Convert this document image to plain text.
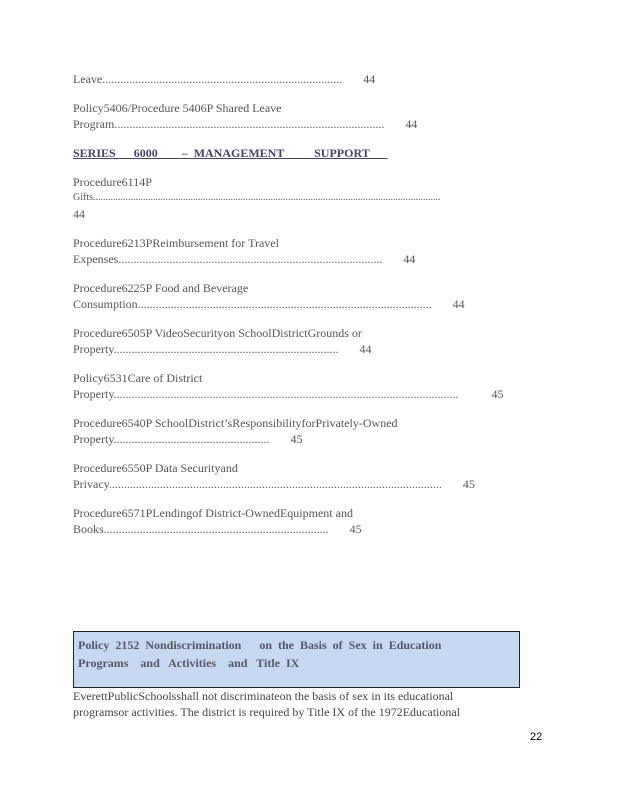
Leave................................................................................       44

Policy5406/Procedure 5406P Shared Leave
Program..........................................................................................       44

SERIES   6000    – MANAGEMENT     SUPPORT

Procedure6114P
Gifts...........................................................................................................................................
44

Procedure6213PReimbursement for Travel
Expenses........................................................................................       44

Procedure6225P Food and Beverage
Consumption..................................................................................................       44

Procedure6505P VideoSecurityon SchoolDistrictGrounds or
Property...........................................................................       44

Policy6531Care of District
Property...................................................................................................................           45

Procedure6540P SchoolDistrict’sResponsibilityforPrivately-Owned
Property....................................................       45

Procedure6550P Data Securityand
Privacy...............................................................................................................       45

Procedure6571PLendingof District-OwnedEquipment and
Books...........................................................................       45

Policy  2152  Nondiscrimination      on  the  Basis  of  Sex  in  Education
Programs    and   Activities    and   Title  IX
EverettPublicSchoolsshall not discriminateon the basis of sex in its educational
programsor activities. The district is required by Title IX of the 1972Educational
22
